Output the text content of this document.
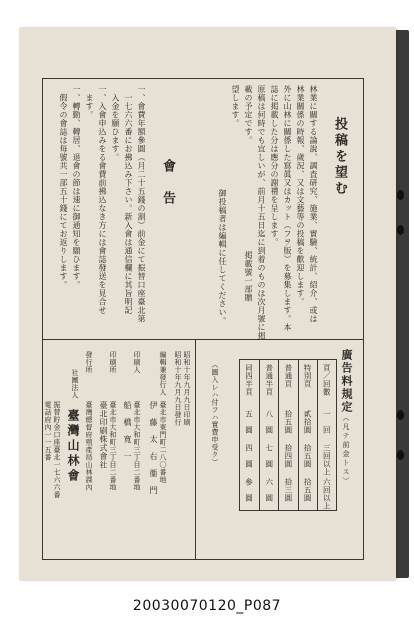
投稿を望む
林業に關する論說、調査研究、施業、實驗、統計、紹介、或は
林業關係の時報、歲況、又は文藝等の投稿を歡迎します。
外に山林に關係した寫眞又はカット（フヲ版）を募集します。本
誌に掲載した分は應分の謝禮を呈します。
原稿は何時でも宜しいが、前月十五日迄に到着のものは次月號に掲
載の予定です。　　　　　　　　　　　　　掲載號一部贈
望します。
御投稿者は編輯に任してください。
會　告
一、會費年額參圓（月二十五錢の割）前金にて振替口座臺北第
　一七六六番にお拂込み下さい。新入會は通信欄に其旨明記
　入金を願ひます。
一、入會申込みをる會費前拂込なき方には會誌發送を見合せ
　ます。
一、轉勤、轉居、退會の節は速に御通知を願ひます。
　假令の會誌は每號共一部五十錢にてお返りします。
廣告料規定（凡テ前金トス）
頁／回數
一　回
三回以上
六回以上
特別頁
貳拾圓
拾五圓
拾五圓
普通頁
拾五圓
拾四圓
拾三圓
普通半頁
八　圓
七　圓
六　圓
同四半頁
五　圓
四　圓
參　圓
（圖入レハ付フハ實費申受ク）
昭和十年九月九日印刷
昭和十年九月九日發行
編輯兼發行人
臺北市東門町二八〇番地
伊　藤　太　右　衞　門
印刷人
臺北市大和町三丁目二番地
船　橋　寛　一
印刷所
臺北市大和町三丁目二番地
臺北印刷株式會社
發行所
臺灣總督府殖產局山林課內
社團法人
臺灣山林會
振替貯金口座臺北一七六六番
電話府內一一五番
20030070120_P087
